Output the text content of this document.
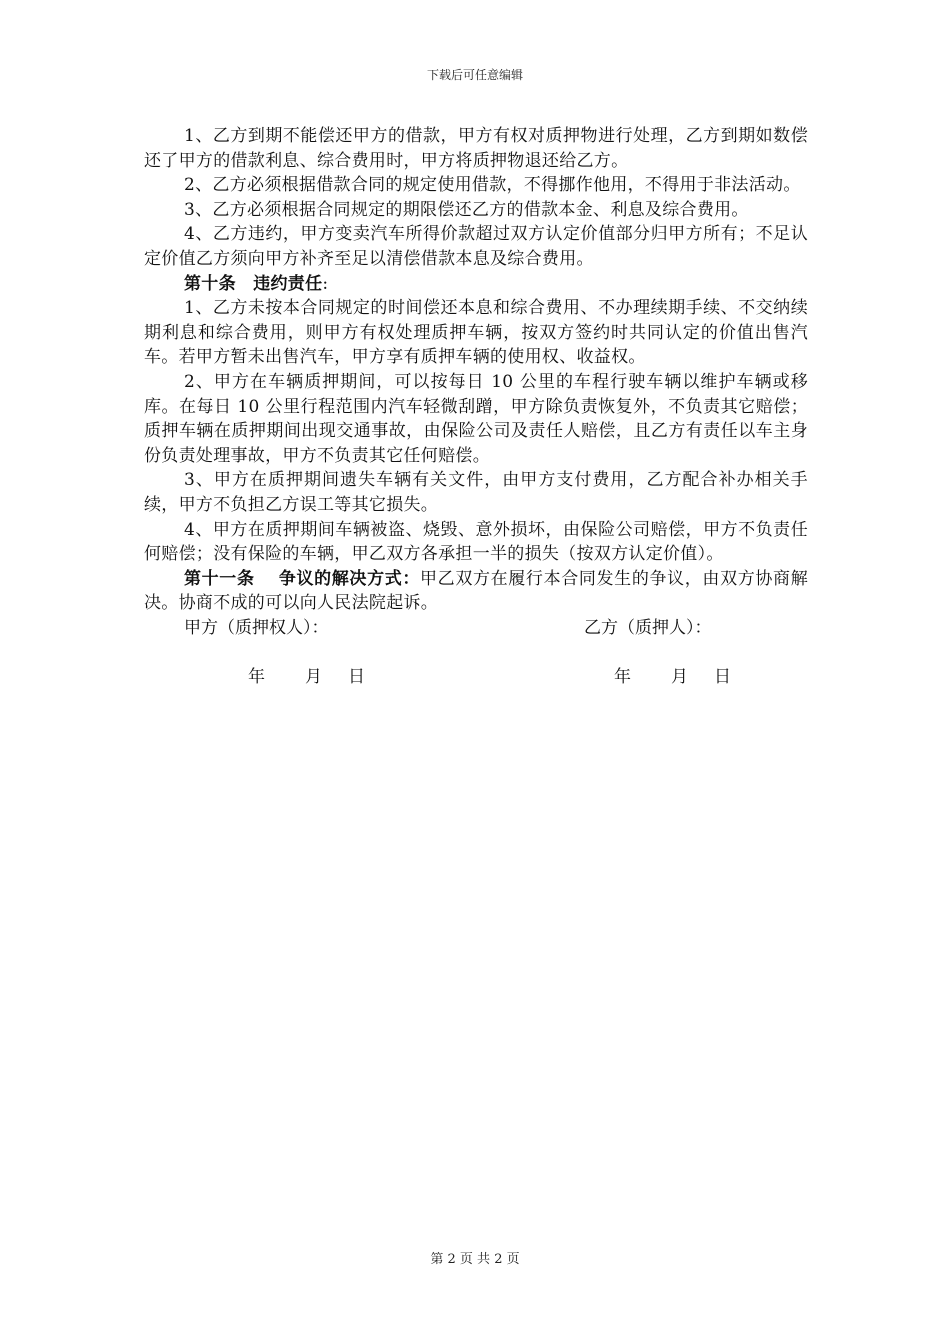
下载后可任意编辑

1、乙方到期不能偿还甲方的借款，甲方有权对质押物进行处理，乙方到期如数偿还了甲方的借款利息、综合费用时，甲方将质押物退还给乙方。

2、乙方必须根据借款合同的规定使用借款，不得挪作他用，不得用于非法活动。

3、乙方必须根据合同规定的期限偿还乙方的借款本金、利息及综合费用。

4、乙方违约，甲方变卖汽车所得价款超过双方认定价值部分归甲方所有；不足认定价值乙方须向甲方补齐至足以清偿借款本息及综合费用。

第十条　违约责任:

1、乙方未按本合同规定的时间偿还本息和综合费用、不办理续期手续、不交纳续期利息和综合费用，则甲方有权处理质押车辆，按双方签约时共同认定的价值出售汽车。若甲方暂未出售汽车，甲方享有质押车辆的使用权、收益权。

2、甲方在车辆质押期间，可以按每日 10 公里的车程行驶车辆以维护车辆或移库。在每日 10 公里行程范围内汽车轻微刮蹭，甲方除负责恢复外，不负责其它赔偿；质押车辆在质押期间出现交通事故，由保险公司及责任人赔偿，且乙方有责任以车主身份负责处理事故，甲方不负责其它任何赔偿。

3、甲方在质押期间遗失车辆有关文件，由甲方支付费用，乙方配合补办相关手续，甲方不负担乙方误工等其它损失。

4、甲方在质押期间车辆被盗、烧毁、意外损坏，由保险公司赔偿，甲方不负责任何赔偿；没有保险的车辆，甲乙双方各承担一半的损失（按双方认定价值）。

第十一条　 争议的解决方式：甲乙双方在履行本合同发生的争议，由双方协商解决。协商不成的可以向人民法院起诉。

甲方（质押权人）：	乙方（质押人）：
年 月 日	年 月 日
第 2 页 共 2 页
